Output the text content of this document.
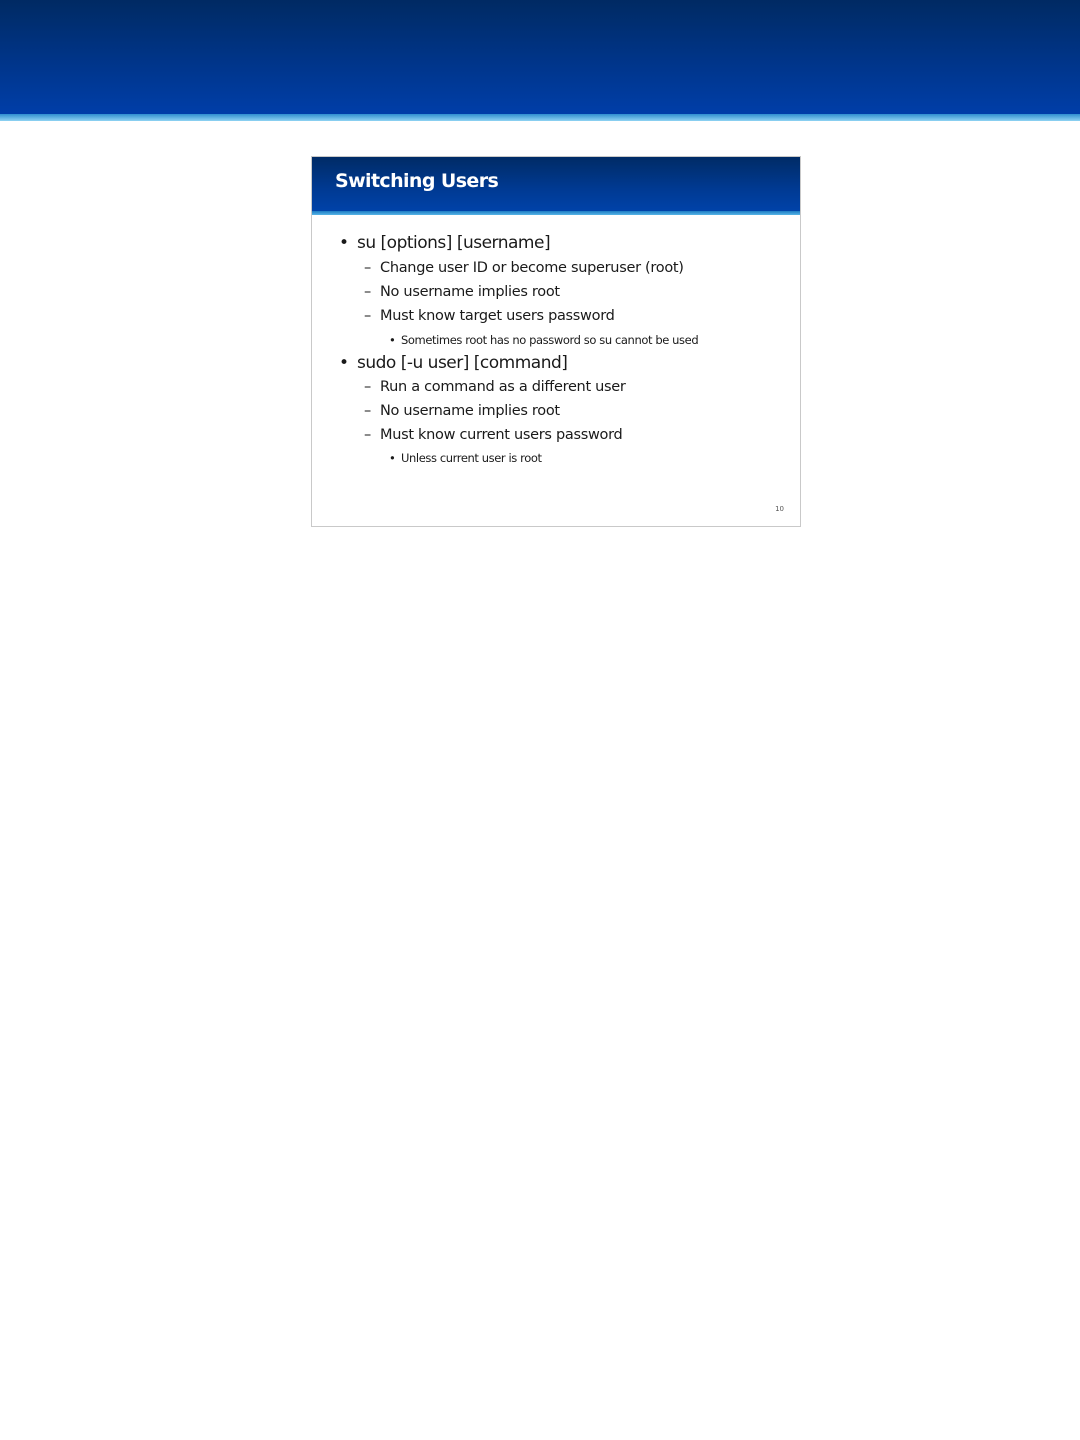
Switching Users
• su [options] [username]
– Change user ID or become superuser (root)
– No username implies root
– Must know target users password
• Sometimes root has no password so su cannot be used
• sudo [-u user] [command]
– Run a command as a different user
– No username implies root
– Must know current users password
• Unless current user is root
10
